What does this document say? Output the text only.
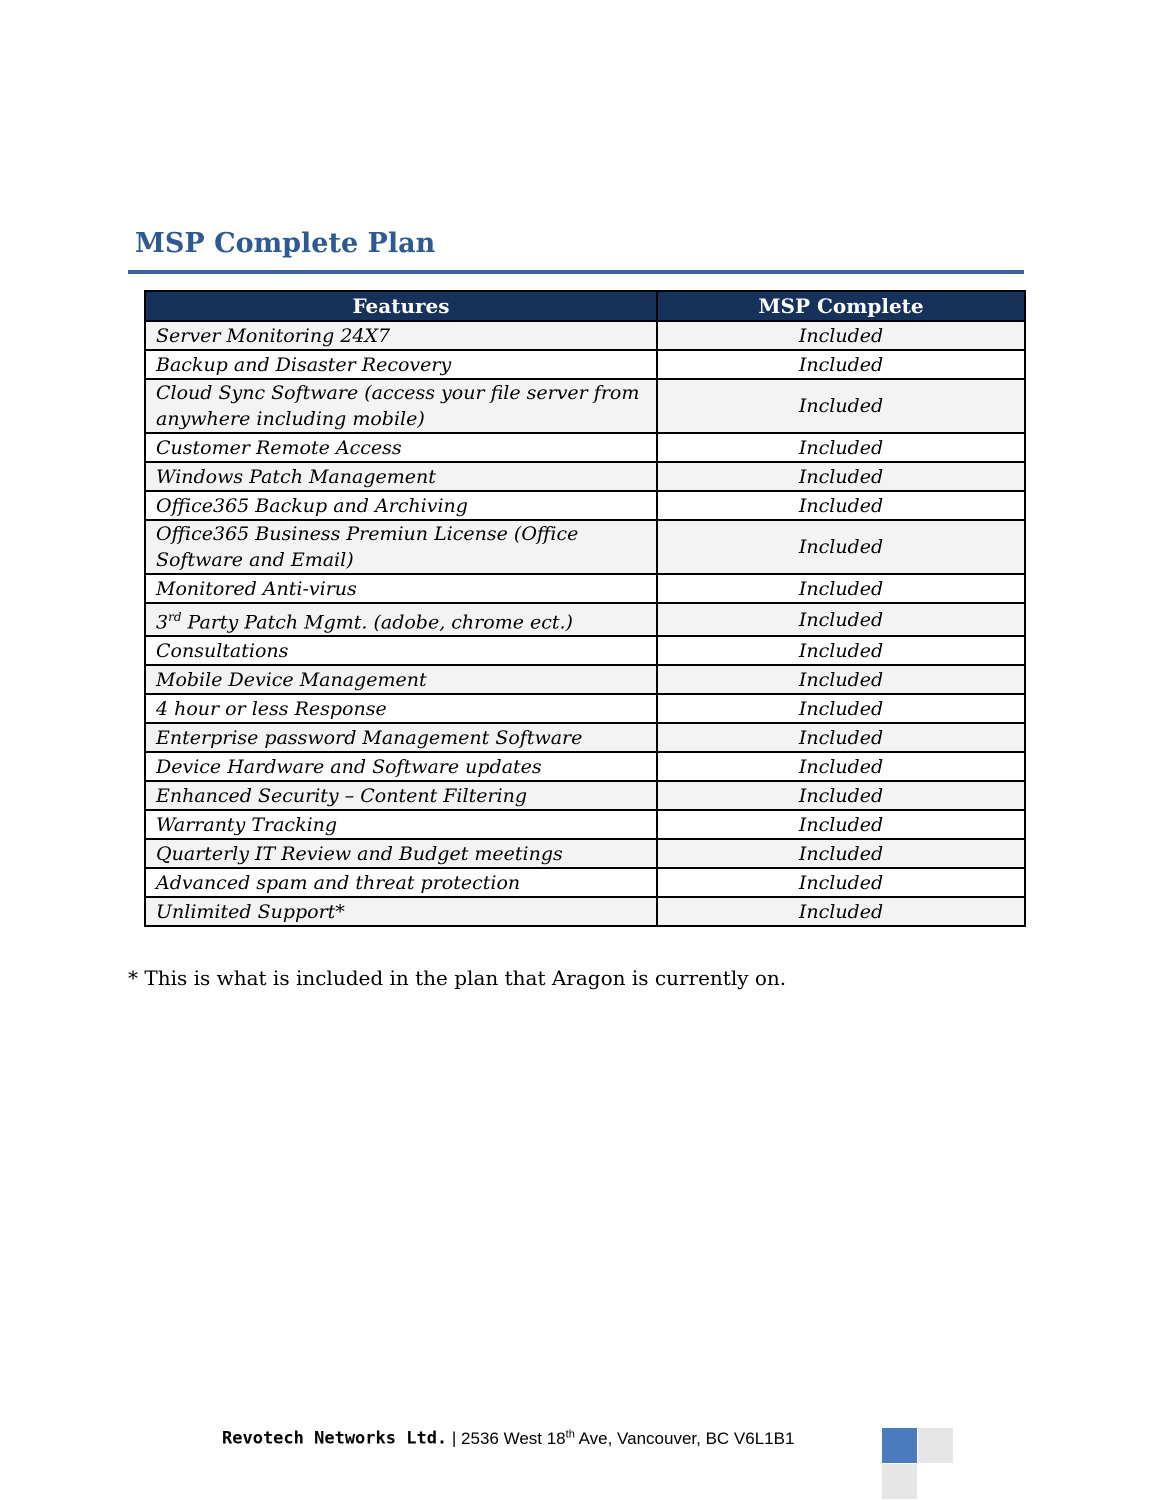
MSP Complete Plan
Features	MSP Complete
Server Monitoring 24X7	Included
Backup and Disaster Recovery	Included
Cloud Sync Software (access your file server from anywhere including mobile)	Included
Customer Remote Access	Included
Windows Patch Management	Included
Office365 Backup and Archiving	Included
Office365 Business Premiun License (Office Software and Email)	Included
Monitored Anti-virus	Included
3rd Party Patch Mgmt. (adobe, chrome ect.)	Included
Consultations	Included
Mobile Device Management	Included
4 hour or less Response	Included
Enterprise password Management Software	Included
Device Hardware and Software updates	Included
Enhanced Security – Content Filtering	Included
Warranty Tracking	Included
Quarterly IT Review and Budget meetings	Included
Advanced spam and threat protection	Included
Unlimited Support*	Included
* This is what is included in the plan that Aragon is currently on.
Revotech Networks Ltd. | 2536 West 18th Ave, Vancouver, BC V6L1B1
